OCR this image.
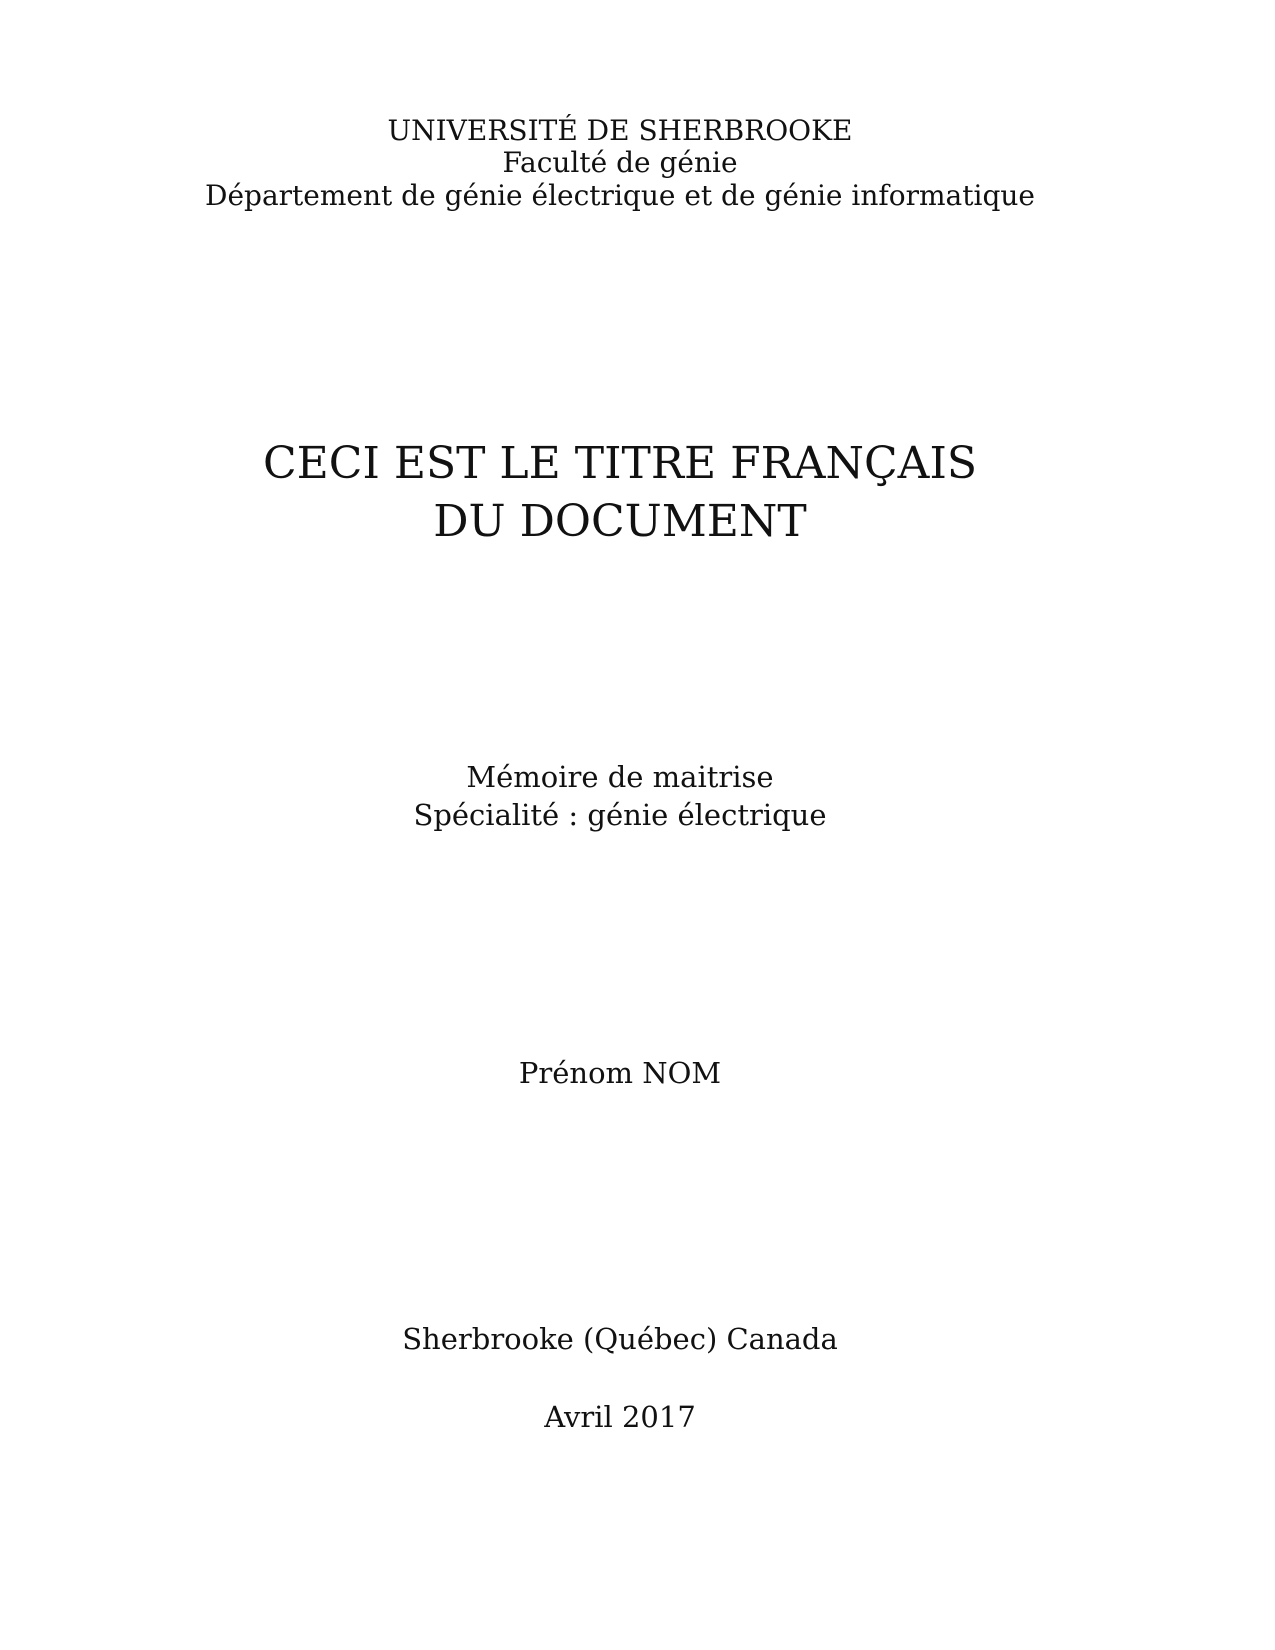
UNIVERSITÉ DE SHERBROOKE
Faculté de génie
Département de génie électrique et de génie informatique
CECI EST LE TITRE FRANÇAIS
DU DOCUMENT
Mémoire de maitrise
Spécialité : génie électrique
Prénom NOM
Sherbrooke (Québec) Canada
Avril 2017
